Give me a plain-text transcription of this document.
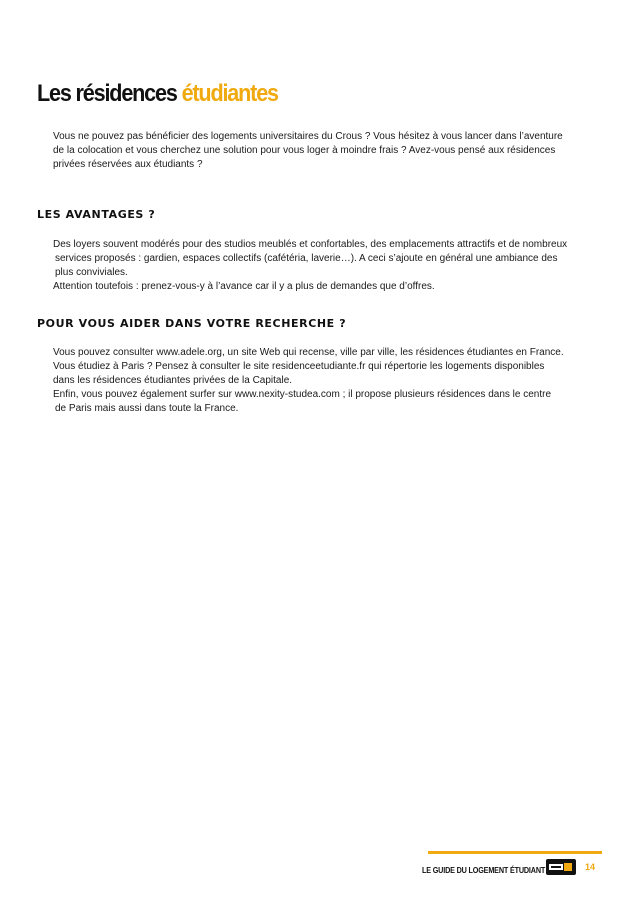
Les résidences étudiantes
Vous ne pouvez pas bénéficier des logements universitaires du Crous ? Vous hésitez à vous lancer dans l’aventure
de la colocation et vous cherchez une solution pour vous loger à moindre frais ? Avez-vous pensé aux résidences
privées réservées aux étudiants ?
LES AVANTAGES ?
Des loyers souvent modérés pour des studios meublés et confortables, des emplacements attractifs et de nombreux
services proposés : gardien, espaces collectifs (cafétéria, laverie…). A ceci s’ajoute en général une ambiance des
plus conviviales.
Attention toutefois : prenez-vous-y à l’avance car il y a plus de demandes que d’offres.
POUR VOUS AIDER DANS VOTRE RECHERCHE ?
Vous pouvez consulter www.adele.org, un site Web qui recense, ville par ville, les résidences étudiantes en France.
Vous étudiez à Paris ? Pensez à consulter le site residenceetudiante.fr qui répertorie les logements disponibles
dans les résidences étudiantes privées de la Capitale.
Enfin, vous pouvez également surfer sur www.nexity-studea.com ; il propose plusieurs résidences dans le centre
de Paris mais aussi dans toute la France.
LE GUIDE DU LOGEMENT ÉTUDIANT	14
